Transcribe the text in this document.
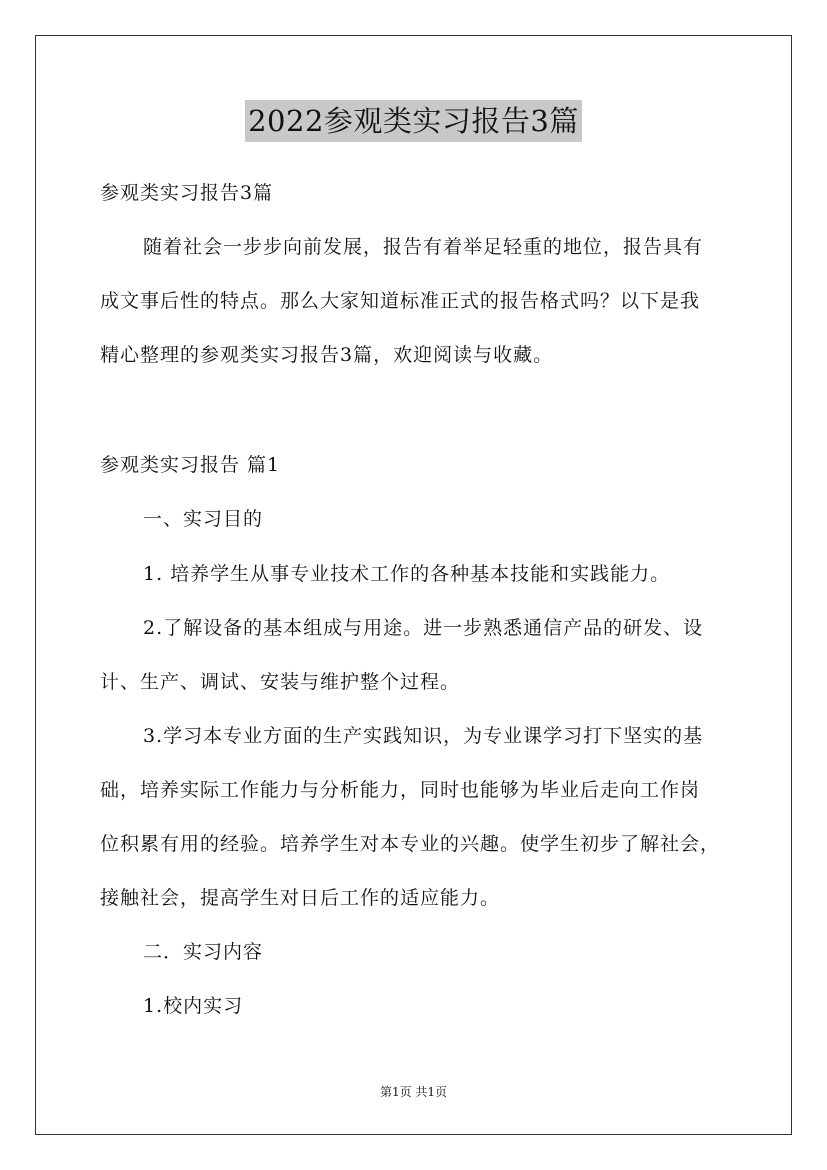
2022参观类实习报告3篇
参观类实习报告3篇
随着社会一步步向前发展，报告有着举足轻重的地位，报告具有
成文事后性的特点。那么大家知道标准正式的报告格式吗？以下是我
精心整理的参观类实习报告3篇，欢迎阅读与收藏。
参观类实习报告 篇1
一、实习目的
1. 培养学生从事专业技术工作的各种基本技能和实践能力。
2.了解设备的基本组成与用途。进一步熟悉通信产品的研发、设
计、生产、调试、安装与维护整个过程。
3.学习本专业方面的生产实践知识，为专业课学习打下坚实的基
础，培养实际工作能力与分析能力，同时也能够为毕业后走向工作岗
位积累有用的经验。培养学生对本专业的兴趣。使学生初步了解社会，
接触社会，提高学生对日后工作的适应能力。
二．实习内容
1.校内实习
第1页 共1页
